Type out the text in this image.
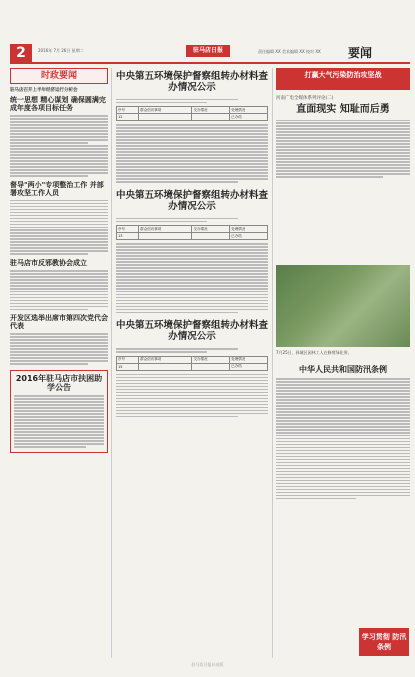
2	2016年 7月 26日 星期二	驻马店日报	责任编辑 XX 美术编辑 XX 校对 XX 要闻
时政要闻
驻马店召开上半年经济运行分析会
统一思想 精心谋划 确保圆满完成年度各项目标任务
督导"两小"专项整治工作 并部署攻坚工作人员
驻马店市反邪教协会成立
开发区选举出席市第四次党代会代表
2016年驻马店市扶困助学公告
中央第五环境保护督察组转办材料查办情况公示
序号	群众信访事项	交办情况	处理情况
12			已办结
中央第五环境保护督察组转办材料查办情况公示
序号	群众信访事项	交办情况	处理情况
13			已办结
中央第五环境保护督察组转办材料查办情况公示
序号	群众信访事项	交办情况	处理情况
15			已办结
打赢大气污染防治攻坚战
河南广电全媒体系列评论(二)
直面现实 知耻而后勇
7月25日，驿城区园林工人在修剪绿化带。
中华人民共和国防汛条例
学习贯彻 防汛条例
驻马店日报社出版
